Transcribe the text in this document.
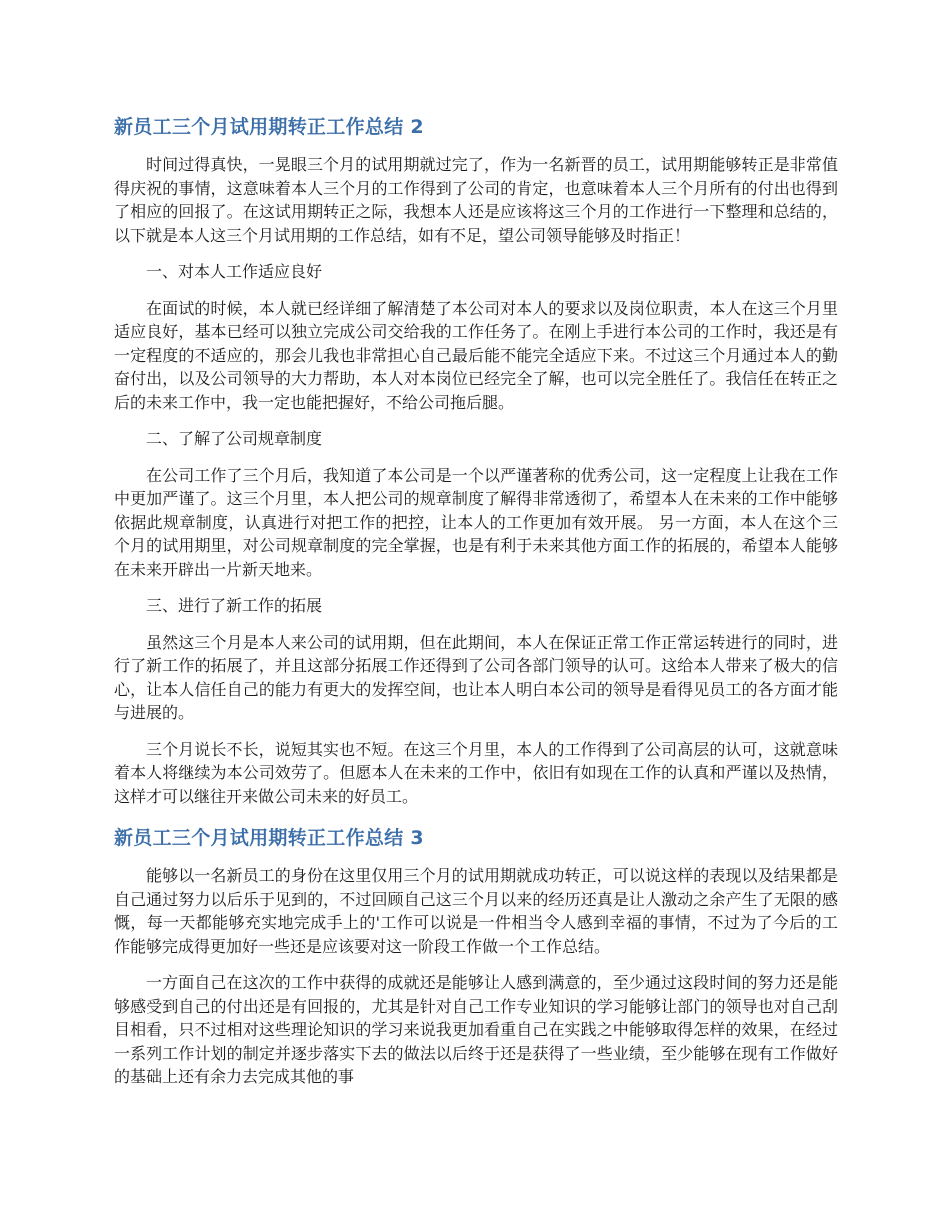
新员工三个月试用期转正工作总结 2

时间过得真快，一晃眼三个月的试用期就过完了，作为一名新晋的员工，试用期能够转正是非常值得庆祝的事情，这意味着本人三个月的工作得到了公司的肯定，也意味着本人三个月所有的付出也得到了相应的回报了。在这试用期转正之际，我想本人还是应该将这三个月的工作进行一下整理和总结的，以下就是本人这三个月试用期的工作总结，如有不足，望公司领导能够及时指正！

一、对本人工作适应良好

在面试的时候，本人就已经详细了解清楚了本公司对本人的要求以及岗位职责，本人在这三个月里适应良好，基本已经可以独立完成公司交给我的工作任务了。在刚上手进行本公司的工作时，我还是有一定程度的不适应的，那会儿我也非常担心自己最后能不能完全适应下来。不过这三个月通过本人的勤奋付出，以及公司领导的大力帮助，本人对本岗位已经完全了解，也可以完全胜任了。我信任在转正之后的未来工作中，我一定也能把握好，不给公司拖后腿。

二、了解了公司规章制度

在公司工作了三个月后，我知道了本公司是一个以严谨著称的优秀公司，这一定程度上让我在工作中更加严谨了。这三个月里，本人把公司的规章制度了解得非常透彻了，希望本人在未来的工作中能够依据此规章制度，认真进行对把工作的把控，让本人的工作更加有效开展。 另一方面，本人在这个三个月的试用期里，对公司规章制度的完全掌握，也是有利于未来其他方面工作的拓展的，希望本人能够在未来开辟出一片新天地来。

三、进行了新工作的拓展

虽然这三个月是本人来公司的试用期，但在此期间，本人在保证正常工作正常运转进行的同时，进行了新工作的拓展了，并且这部分拓展工作还得到了公司各部门领导的认可。这给本人带来了极大的信心，让本人信任自己的能力有更大的发挥空间，也让本人明白本公司的领导是看得见员工的各方面才能与进展的。

三个月说长不长，说短其实也不短。在这三个月里，本人的工作得到了公司高层的认可，这就意味着本人将继续为本公司效劳了。但愿本人在未来的工作中，依旧有如现在工作的认真和严谨以及热情，这样才可以继往开来做公司未来的好员工。

新员工三个月试用期转正工作总结 3

能够以一名新员工的身份在这里仅用三个月的试用期就成功转正，可以说这样的表现以及结果都是自己通过努力以后乐于见到的，不过回顾自己这三个月以来的经历还真是让人激动之余产生了无限的感慨，每一天都能够充实地完成手上的'工作可以说是一件相当令人感到幸福的事情，不过为了今后的工作能够完成得更加好一些还是应该要对这一阶段工作做一个工作总结。

一方面自己在这次的工作中获得的成就还是能够让人感到满意的，至少通过这段时间的努力还是能够感受到自己的付出还是有回报的，尤其是针对自己工作专业知识的学习能够让部门的领导也对自己刮目相看，只不过相对这些理论知识的学习来说我更加看重自己在实践之中能够取得怎样的效果，在经过一系列工作计划的制定并逐步落实下去的做法以后终于还是获得了一些业绩，至少能够在现有工作做好的基础上还有余力去完成其他的事
